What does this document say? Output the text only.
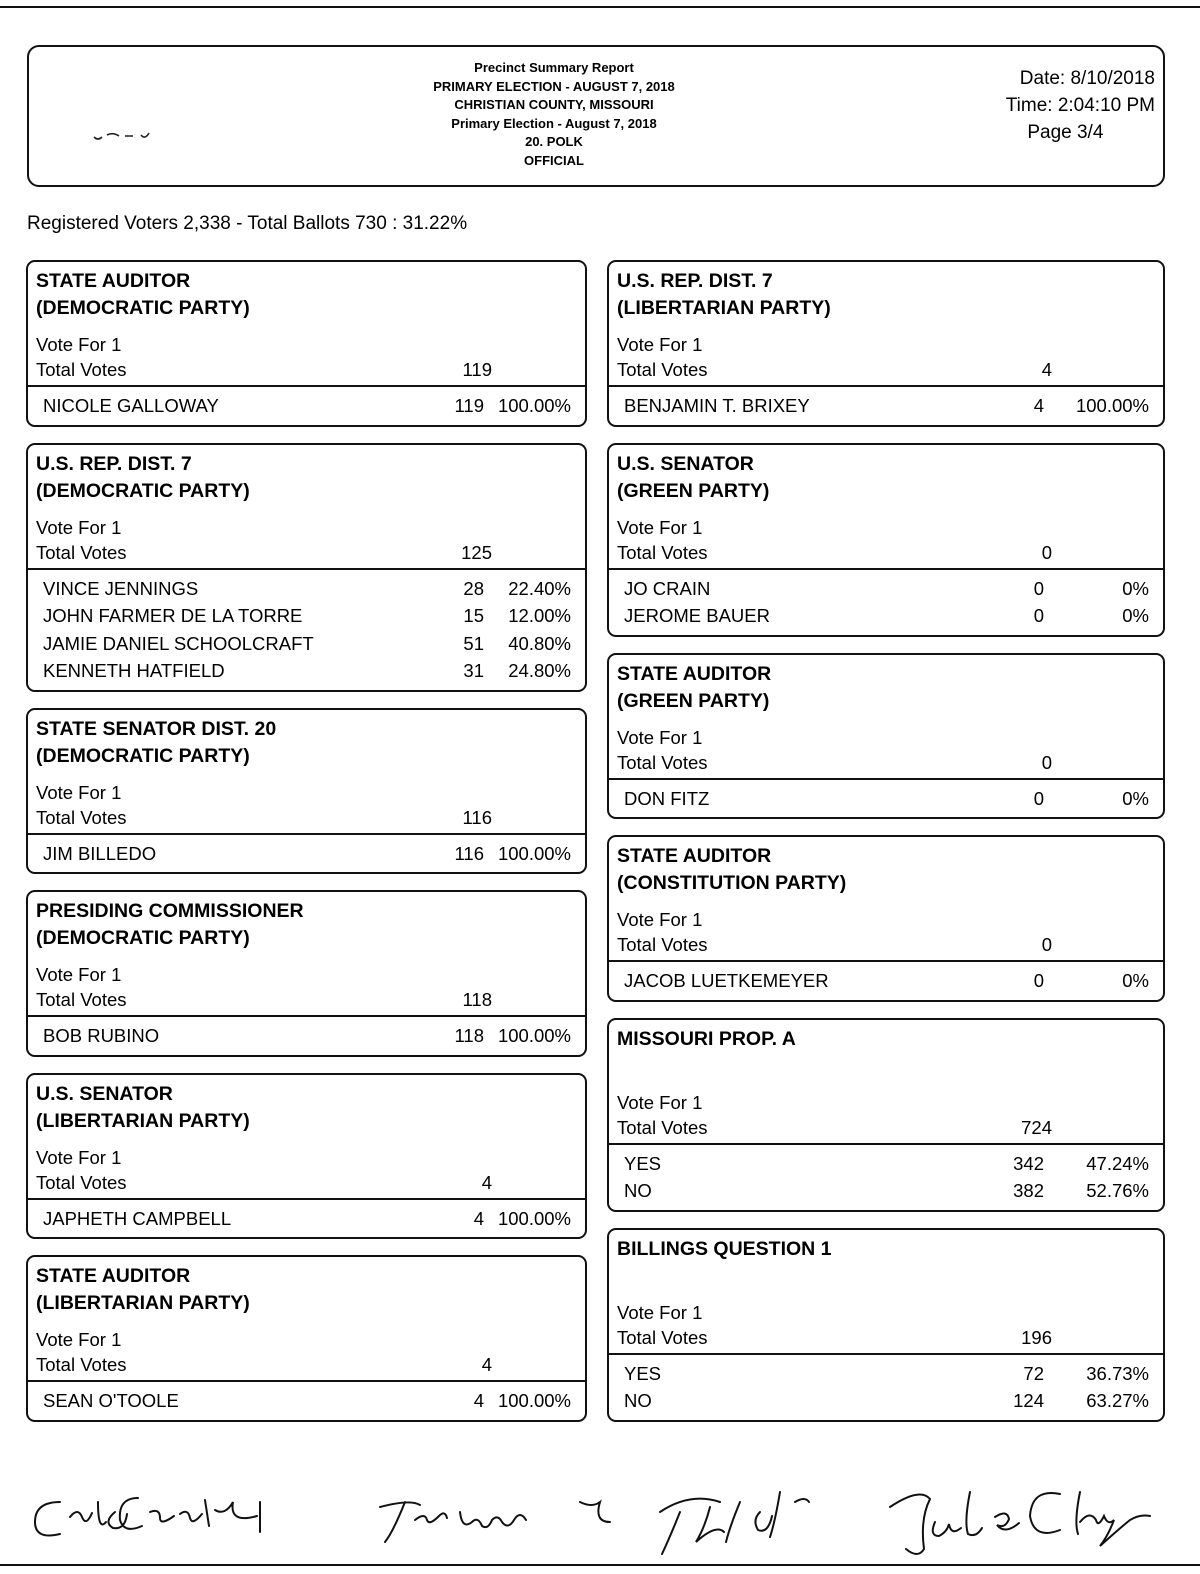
Precinct Summary Report
PRIMARY ELECTION - AUGUST 7, 2018
CHRISTIAN COUNTY, MISSOURI
Primary Election - August 7, 2018
20. POLK
OFFICIAL
Date: 8/10/2018
Time: 2:04:10 PM
Page 3/4
Registered Voters 2,338 - Total Ballots 730 : 31.22%
STATE AUDITOR
(DEMOCRATIC PARTY)
Vote For 1
Total Votes	119
NICOLE GALLOWAY	119 100.00%
U.S. REP. DIST. 7
(DEMOCRATIC PARTY)
Vote For 1
Total Votes	125
VINCE JENNINGS	28 22.40%
JOHN FARMER DE LA TORRE	15 12.00%
JAMIE DANIEL SCHOOLCRAFT	51 40.80%
KENNETH HATFIELD	31 24.80%
STATE SENATOR DIST. 20
(DEMOCRATIC PARTY)
Vote For 1
Total Votes	116
JIM BILLEDO	116 100.00%
PRESIDING COMMISSIONER
(DEMOCRATIC PARTY)
Vote For 1
Total Votes	118
BOB RUBINO	118 100.00%
U.S. SENATOR
(LIBERTARIAN PARTY)
Vote For 1
Total Votes	4
JAPHETH CAMPBELL	4 100.00%
STATE AUDITOR
(LIBERTARIAN PARTY)
Vote For 1
Total Votes	4
SEAN O'TOOLE	4 100.00%
U.S. REP. DIST. 7
(LIBERTARIAN PARTY)
Vote For 1
Total Votes	4
BENJAMIN T. BRIXEY	4 100.00%
U.S. SENATOR
(GREEN PARTY)
Vote For 1
Total Votes	0
JO CRAIN	0	0%
JEROME BAUER	0	0%
STATE AUDITOR
(GREEN PARTY)
Vote For 1
Total Votes	0
DON FITZ	0	0%
STATE AUDITOR
(CONSTITUTION PARTY)
Vote For 1
Total Votes	0
JACOB LUETKEMEYER	0	0%
MISSOURI PROP. A
Vote For 1
Total Votes	724
YES	342 47.24%
NO	382 52.76%
BILLINGS QUESTION 1
Vote For 1
Total Votes	196
YES	72 36.73%
NO	124 63.27%
